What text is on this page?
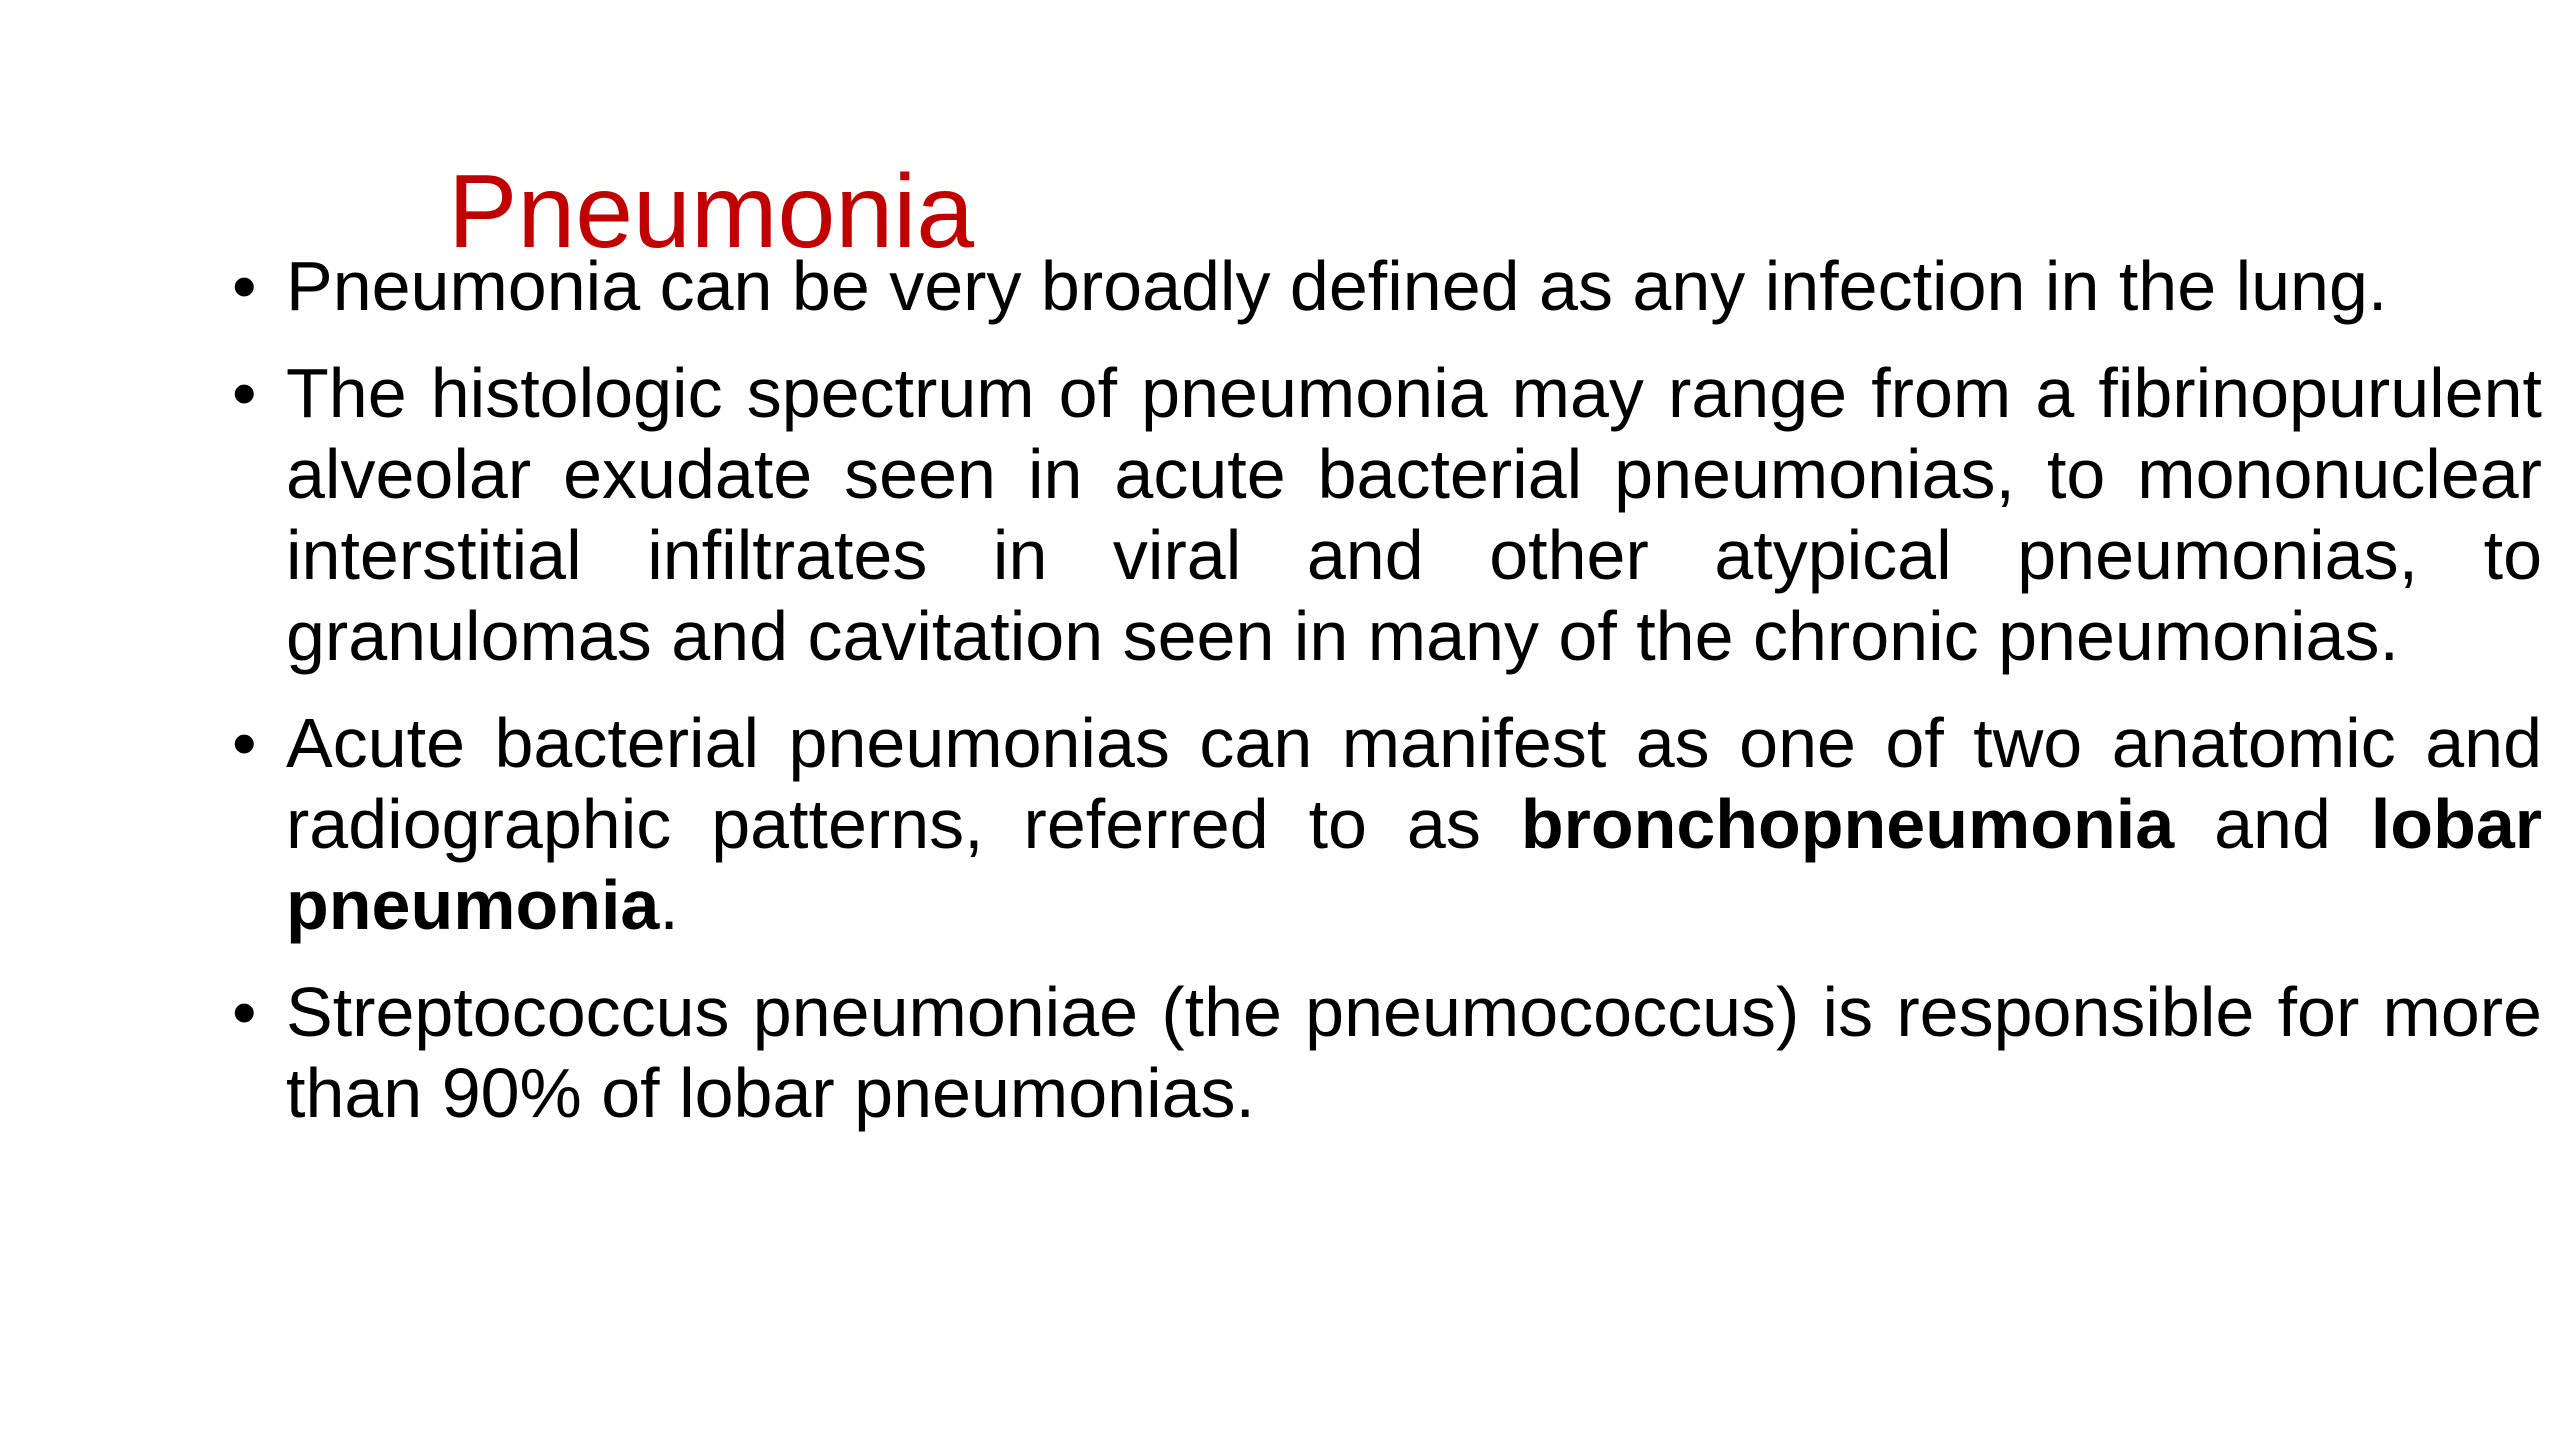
• Pneumonia can be very broadly defined as any infection in the lung.
• The histologic spectrum of pneumonia may range from a fibrinopurulent alveolar exudate seen in acute bacterial pneumonias, to mononuclear interstitial infiltrates in viral and other atypical pneumonias, to granulomas and cavitation seen in many of the chronic pneumonias.
• Acute bacterial pneumonias can manifest as one of two anatomic and radiographic patterns, referred to as bronchopneumonia and lobar pneumonia.
• Streptococcus pneumoniae (the pneumococcus) is responsible for more than 90% of lobar pneumonias.
Pneumonia
